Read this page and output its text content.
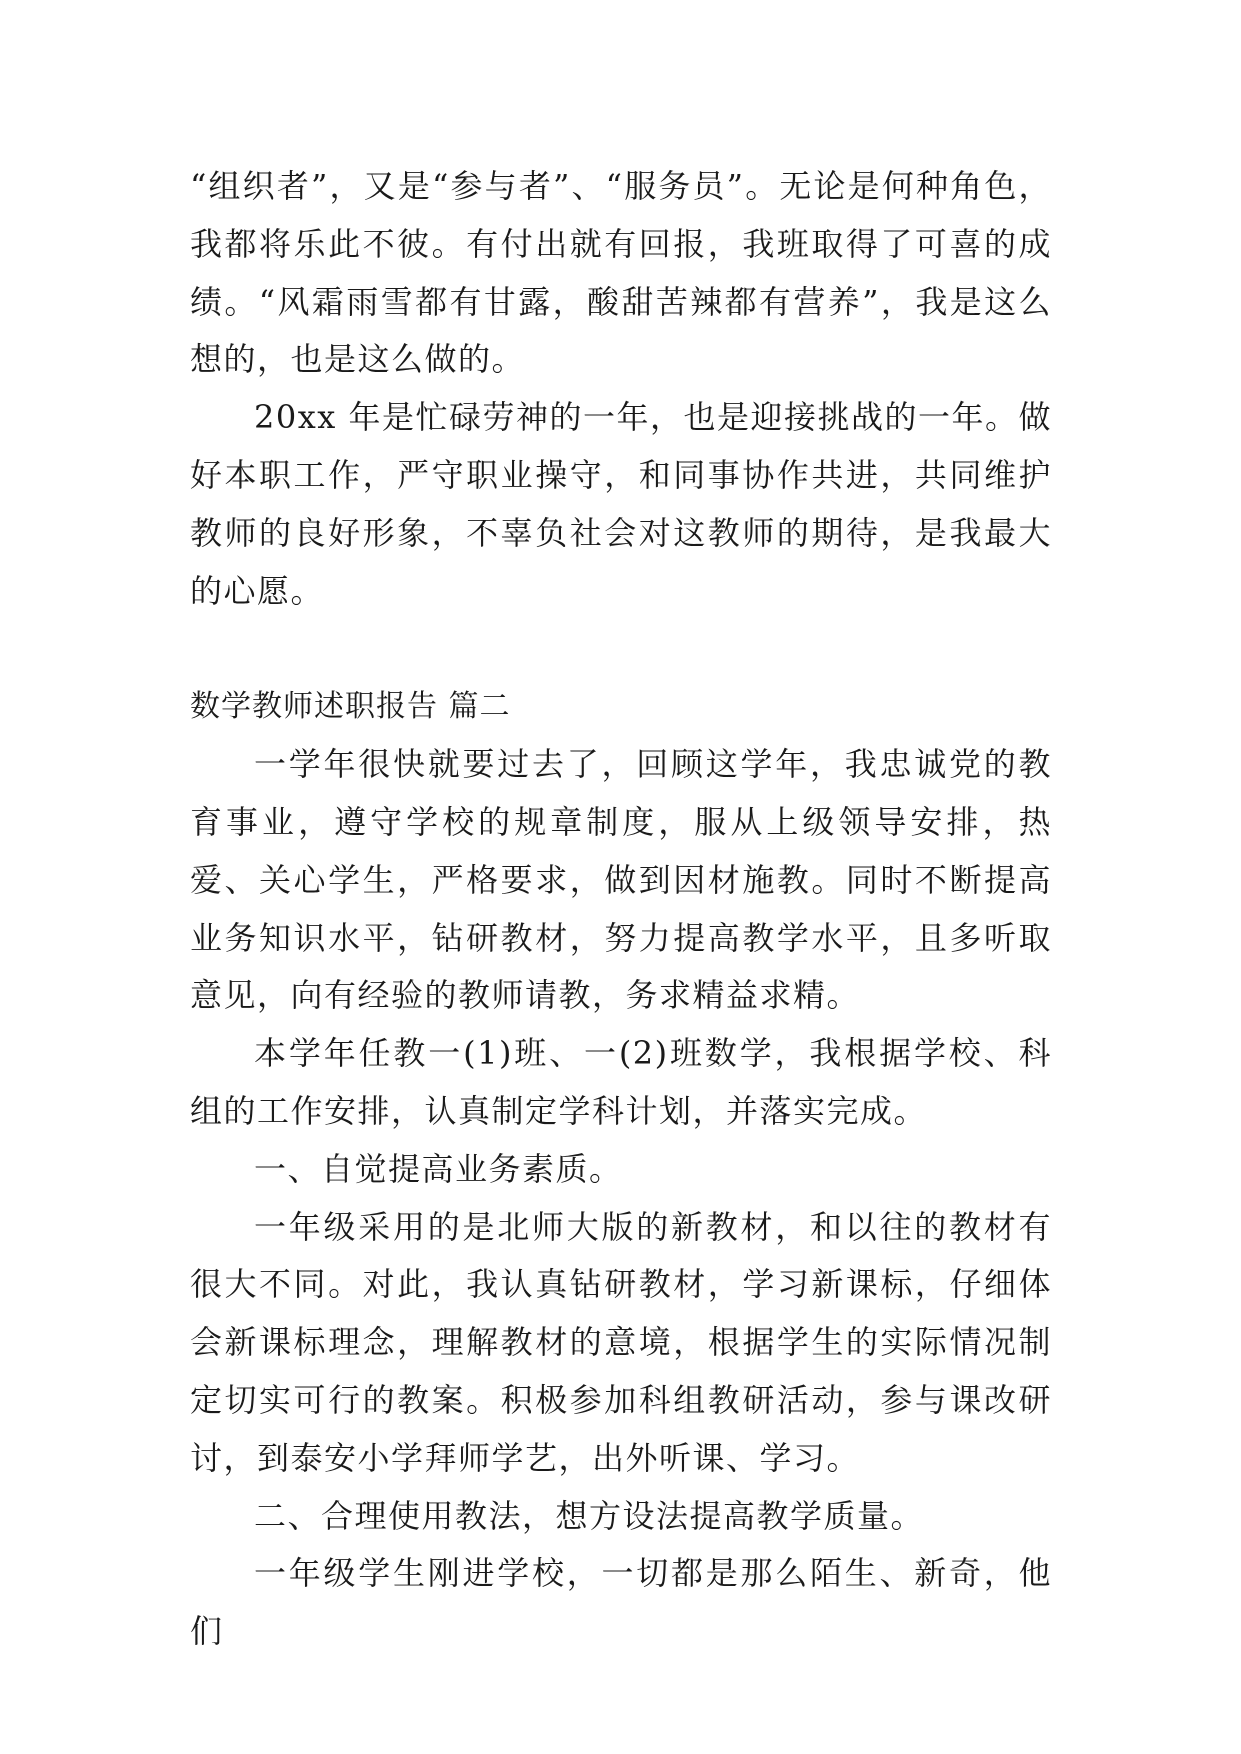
“组织者”，又是“参与者”、“服务员”。无论是何种角色，我都将乐此不彼。有付出就有回报，我班取得了可喜的成绩。“风霜雨雪都有甘露，酸甜苦辣都有营养”，我是这么想的，也是这么做的。

20xx 年是忙碌劳神的一年，也是迎接挑战的一年。做好本职工作，严守职业操守，和同事协作共进，共同维护教师的良好形象，不辜负社会对这教师的期待，是我最大的心愿。

数学教师述职报告 篇二

一学年很快就要过去了，回顾这学年，我忠诚党的教育事业，遵守学校的规章制度，服从上级领导安排，热爱、关心学生，严格要求，做到因材施教。同时不断提高业务知识水平，钻研教材，努力提高教学水平，且多听取意见，向有经验的教师请教，务求精益求精。

本学年任教一(1)班、一(2)班数学，我根据学校、科组的工作安排，认真制定学科计划，并落实完成。

一、自觉提高业务素质。

一年级采用的是北师大版的新教材，和以往的教材有很大不同。对此，我认真钻研教材，学习新课标，仔细体会新课标理念，理解教材的意境，根据学生的实际情况制定切实可行的教案。积极参加科组教研活动，参与课改研讨，到泰安小学拜师学艺，出外听课、学习。

二、合理使用教法，想方设法提高教学质量。

一年级学生刚进学校，一切都是那么陌生、新奇，他们
